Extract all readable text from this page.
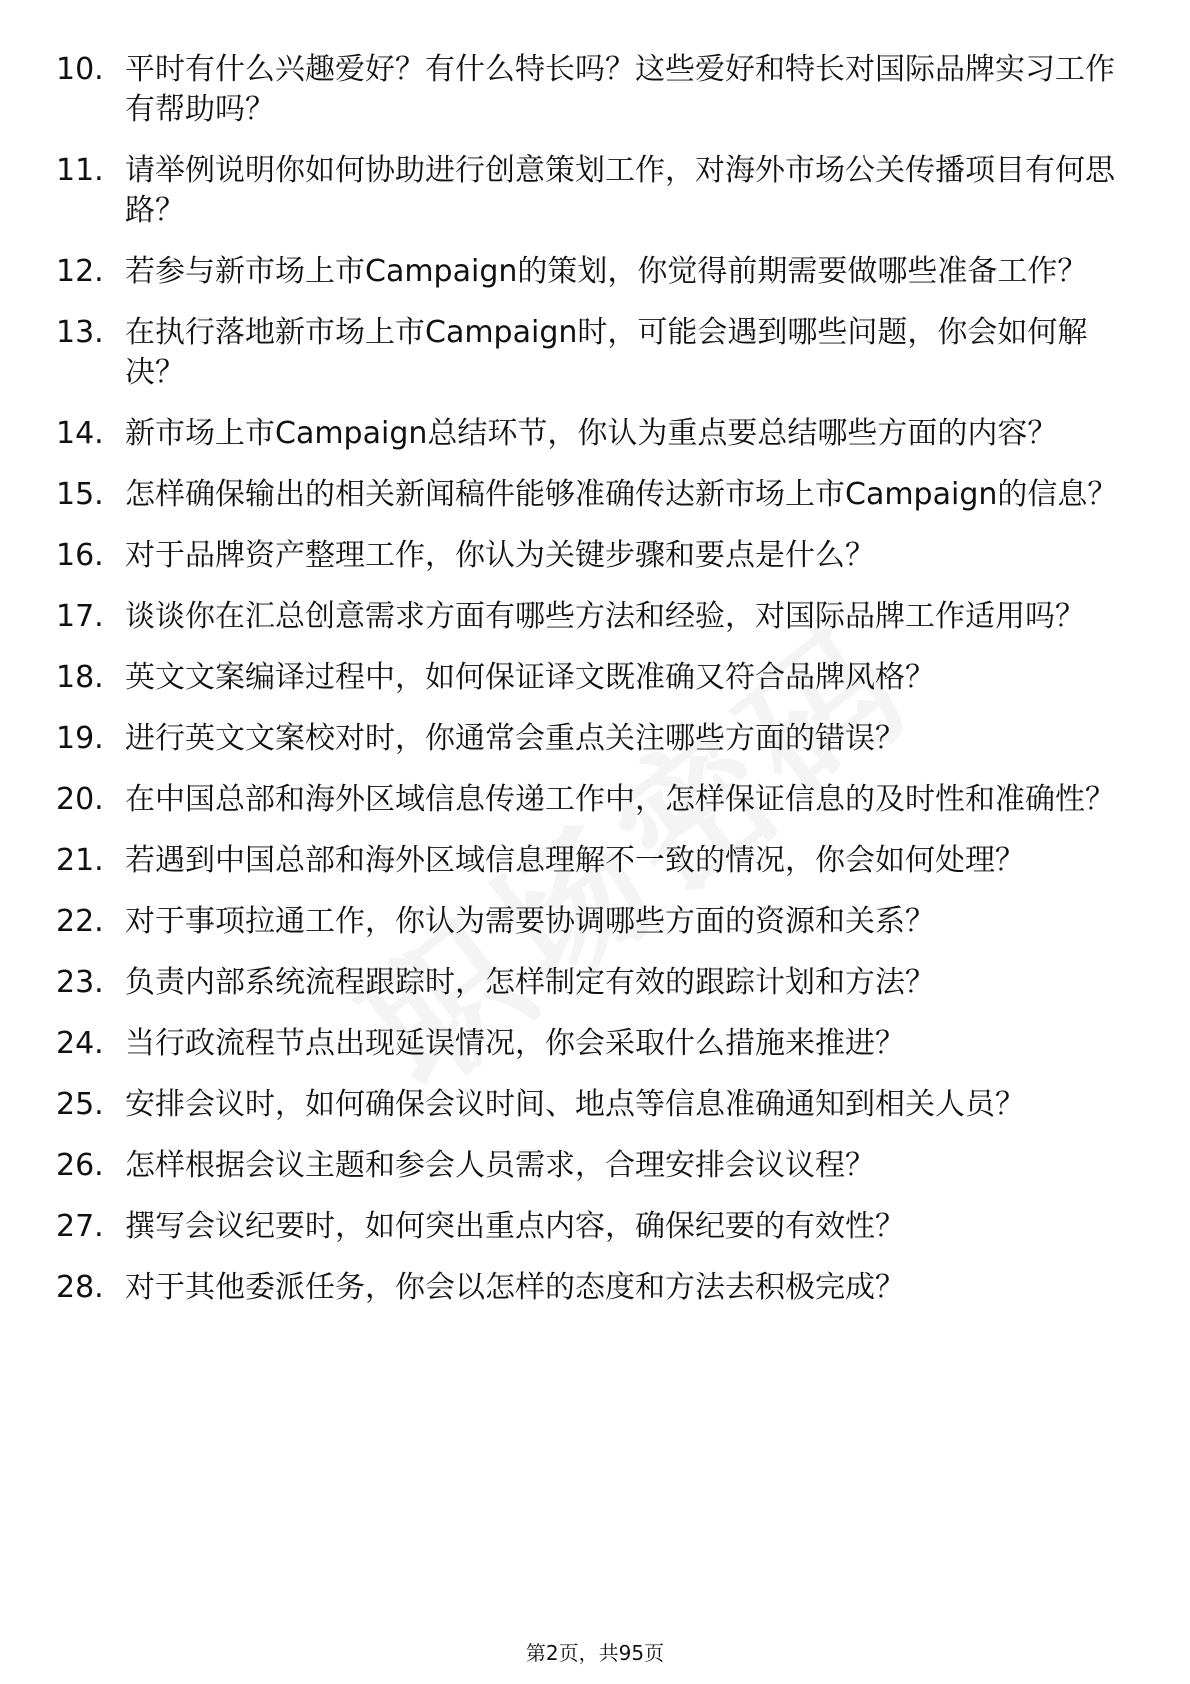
10. 平时有什么兴趣爱好？有什么特长吗？这些爱好和特长对国际品牌实习工作有帮助吗？
11. 请举例说明你如何协助进行创意策划工作，对海外市场公关传播项目有何思路？
12. 若参与新市场上市Campaign的策划，你觉得前期需要做哪些准备工作？
13. 在执行落地新市场上市Campaign时，可能会遇到哪些问题，你会如何解决？
14. 新市场上市Campaign总结环节，你认为重点要总结哪些方面的内容？
15. 怎样确保输出的相关新闻稿件能够准确传达新市场上市Campaign的信息？
16. 对于品牌资产整理工作，你认为关键步骤和要点是什么？
17. 谈谈你在汇总创意需求方面有哪些方法和经验，对国际品牌工作适用吗？
18. 英文文案编译过程中，如何保证译文既准确又符合品牌风格？
19. 进行英文文案校对时，你通常会重点关注哪些方面的错误？
20. 在中国总部和海外区域信息传递工作中，怎样保证信息的及时性和准确性？
21. 若遇到中国总部和海外区域信息理解不一致的情况，你会如何处理？
22. 对于事项拉通工作，你认为需要协调哪些方面的资源和关系？
23. 负责内部系统流程跟踪时，怎样制定有效的跟踪计划和方法？
24. 当行政流程节点出现延误情况，你会采取什么措施来推进？
25. 安排会议时，如何确保会议时间、地点等信息准确通知到相关人员？
26. 怎样根据会议主题和参会人员需求，合理安排会议议程？
27. 撰写会议纪要时，如何突出重点内容，确保纪要的有效性？
28. 对于其他委派任务，你会以怎样的态度和方法去积极完成？
第2页，共95页
